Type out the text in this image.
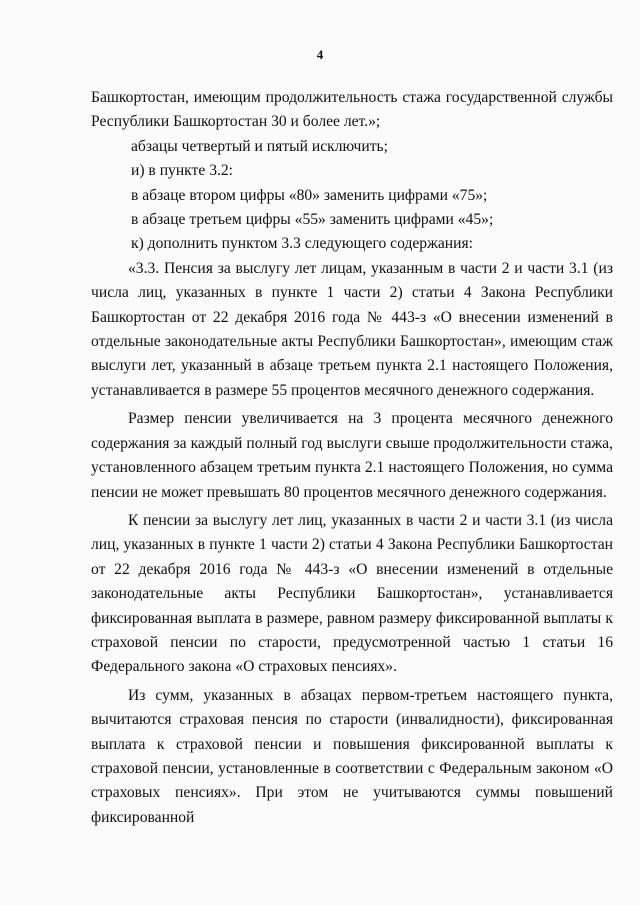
4

Башкортостан, имеющим продолжительность стажа государственной службы Республики Башкортостан 30 и более лет.»;

абзацы четвертый и пятый исключить;

и) в пункте 3.2:

в абзаце втором цифры «80» заменить цифрами «75»;

в абзаце третьем цифры «55» заменить цифрами «45»;

к) дополнить пунктом 3.3 следующего содержания:

«3.3. Пенсия за выслугу лет лицам, указанным в части 2 и части 3.1 (из числа лиц, указанных в пункте 1 части 2) статьи 4 Закона Республики Башкортостан от 22 декабря 2016 года № 443-з «О внесении изменений в отдельные законодательные акты Республики Башкортостан», имеющим стаж выслуги лет, указанный в абзаце третьем пункта 2.1 настоящего Положения, устанавливается в размере 55 процентов месячного денежного содержания.

Размер пенсии увеличивается на 3 процента месячного денежного содержания за каждый полный год выслуги свыше продолжительности стажа, установленного абзацем третьим пункта 2.1 настоящего Положения, но сумма пенсии не может превышать 80 процентов месячного денежного содержания.

К пенсии за выслугу лет лиц, указанных в части 2 и части 3.1 (из числа лиц, указанных в пункте 1 части 2) статьи 4 Закона Республики Башкортостан от 22 декабря 2016 года № 443-з «О внесении изменений в отдельные законодательные акты Республики Башкортостан», устанавливается фиксированная выплата в размере, равном размеру фиксированной выплаты к страховой пенсии по старости, предусмотренной частью 1 статьи 16 Федерального закона «О страховых пенсиях».

Из сумм, указанных в абзацах первом-третьем настоящего пункта, вычитаются страховая пенсия по старости (инвалидности), фиксированная выплата к страховой пенсии и повышения фиксированной выплаты к страховой пенсии, установленные в соответствии с Федеральным законом «О страховых пенсиях». При этом не учитываются суммы повышений фиксированной
